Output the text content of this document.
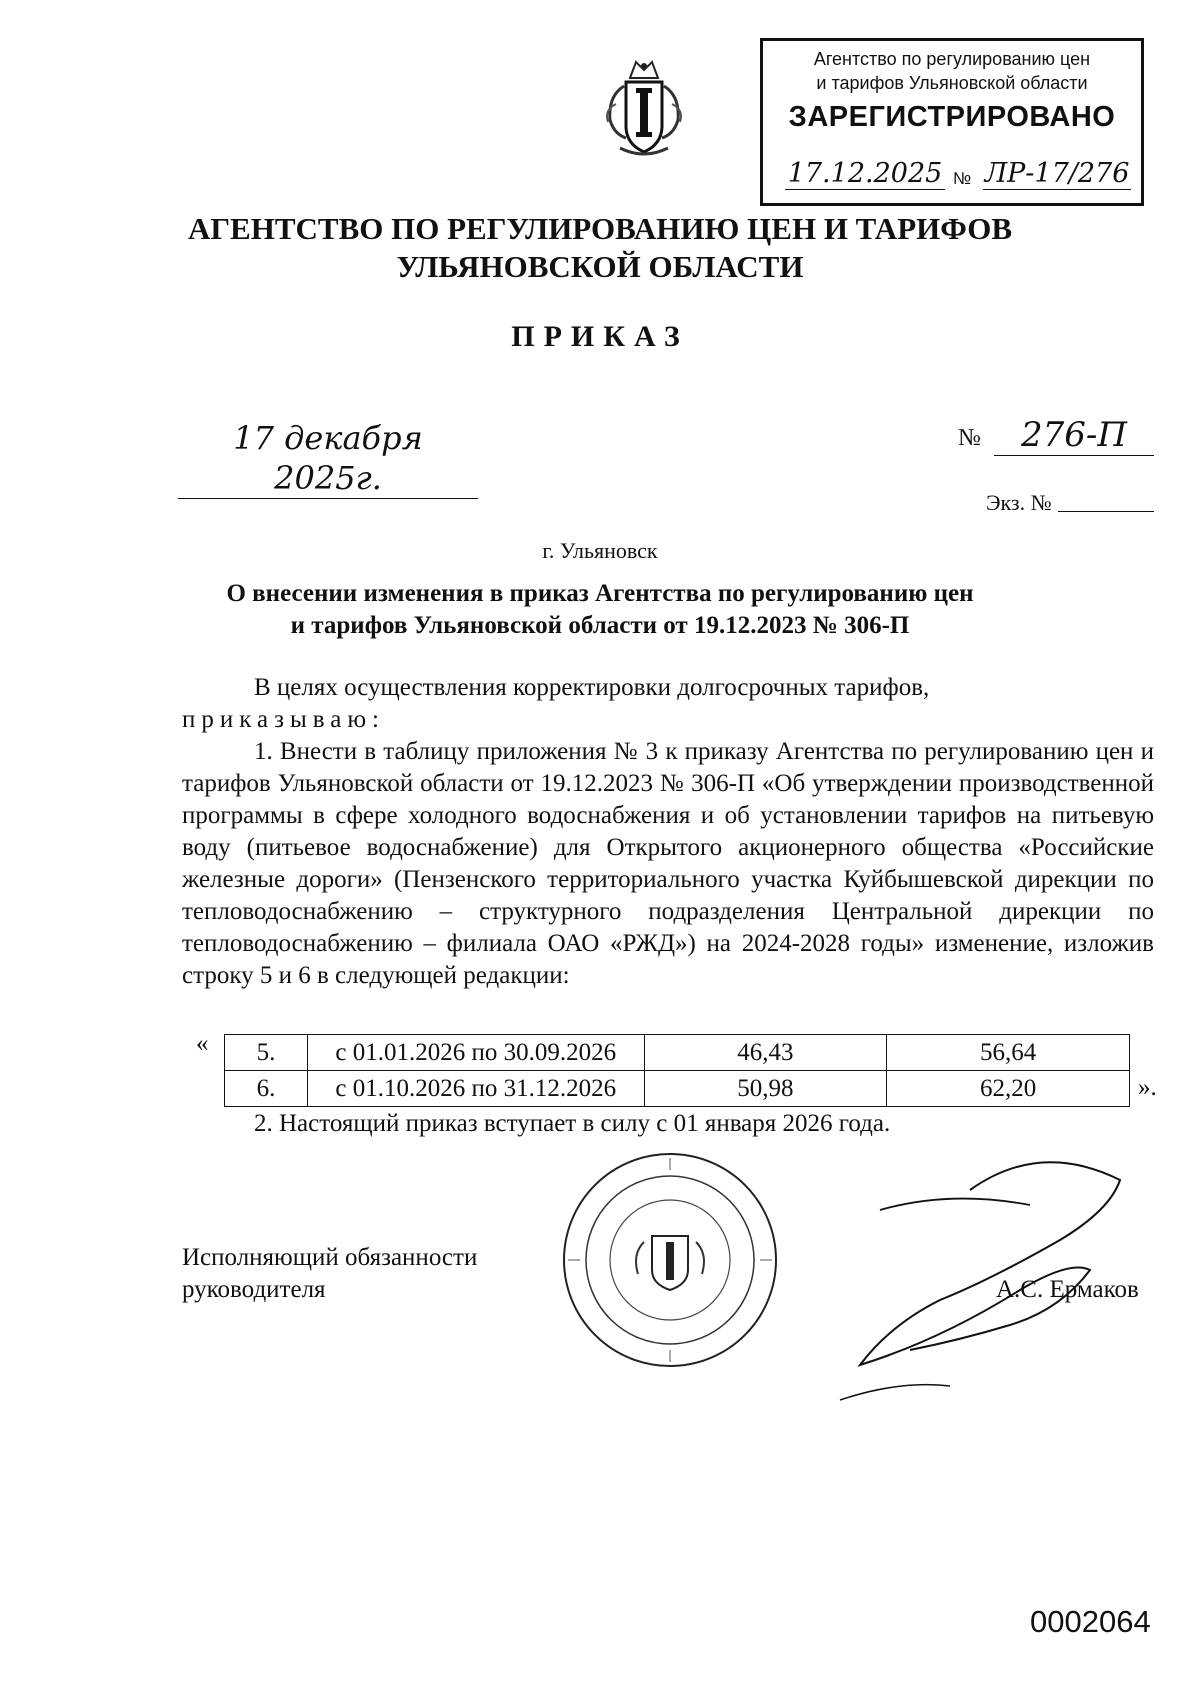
Агентство по регулированию цен
и тарифов Ульяновской области
ЗАРЕГИСТРИРОВАНО
17.12.2025 № ЛР-17/276
АГЕНТСТВО ПО РЕГУЛИРОВАНИЮ ЦЕН И ТАРИФОВ
УЛЬЯНОВСКОЙ ОБЛАСТИ
ПРИКАЗ
17 декабря 2025г.
№	276-П
Экз. №
г. Ульяновск
О внесении изменения в приказ Агентства по регулированию цен
и тарифов Ульяновской области от 19.12.2023 № 306-П
В целях осуществления корректировки долгосрочных тарифов,
приказываю:
1. Внести в таблицу приложения № 3 к приказу Агентства по регулированию цен и тарифов Ульяновской области от 19.12.2023 № 306-П «Об утверждении производственной программы в сфере холодного водоснабжения и об установлении тарифов на питьевую воду (питьевое водоснабжение) для Открытого акционерного общества «Российские железные дороги» (Пензенского территориального участка Куйбышевской дирекции по тепловодоснабжению – структурного подразделения Центральной дирекции по тепловодоснабжению – филиала ОАО «РЖД») на 2024-2028 годы» изменение, изложив строку 5 и 6 в следующей редакции:
« 5.	с 01.01.2026 по 30.09.2026	46,43	56,64
6.	с 01.10.2026 по 31.12.2026	50,98	62,20	».
2. Настоящий приказ вступает в силу с 01 января 2026 года.
Исполняющий обязанности
руководителя	А.С. Ермаков
0002064
